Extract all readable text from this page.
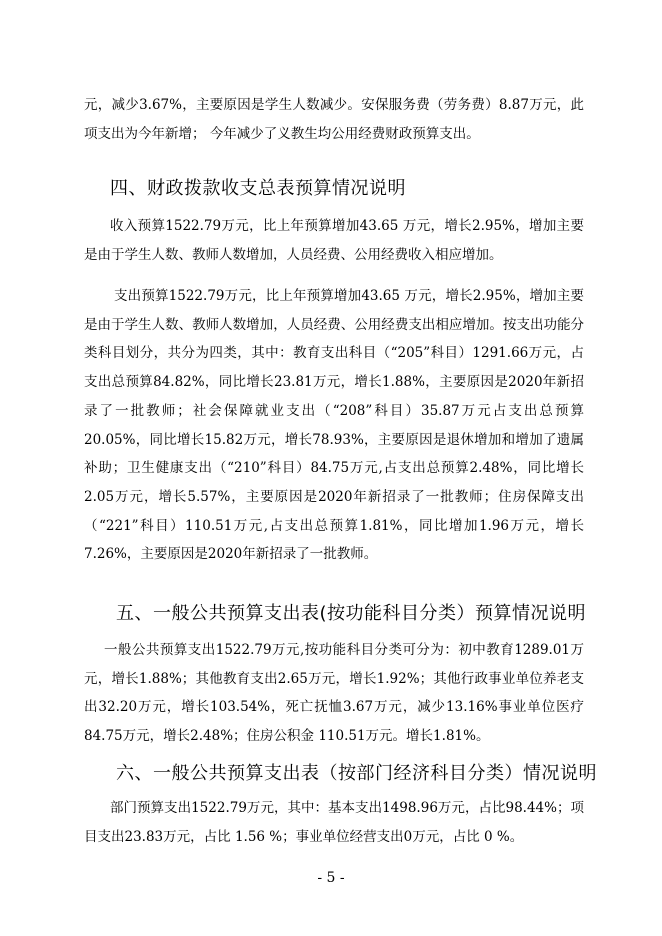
元，减少3.67%，主要原因是学生人数减少。安保服务费（劳务费）8.87万元，此项支出为今年新增； 今年减少了义教生均公用经费财政预算支出。
四、财政拨款收支总表预算情况说明
收入预算1522.79万元，比上年预算增加43.65 万元，增长2.95%，增加主要是由于学生人数、教师人数增加，人员经费、公用经费收入相应增加。
支出预算1522.79万元，比上年预算增加43.65 万元，增长2.95%，增加主要是由于学生人数、教师人数增加，人员经费、公用经费支出相应增加。按支出功能分类科目划分，共分为四类，其中：教育支出科目（“205”科目）1291.66万元，占支出总预算84.82%，同比增长23.81万元，增长1.88%，主要原因是2020年新招录了一批教师；社会保障就业支出（“208”科目）35.87万元占支出总预算20.05%，同比增长15.82万元，增长78.93%，主要原因是退休增加和增加了遗属补助；卫生健康支出（“210”科目）84.75万元,占支出总预算2.48%，同比增长2.05万元，增长5.57%，主要原因是2020年新招录了一批教师；住房保障支出（“221”科目）110.51万元,占支出总预算1.81%，同比增加1.96万元，增长7.26%，主要原因是2020年新招录了一批教师。
五、一般公共预算支出表(按功能科目分类）预算情况说明
一般公共预算支出1522.79万元,按功能科目分类可分为：初中教育1289.01万元，增长1.88%；其他教育支出2.65万元，增长1.92%；其他行政事业单位养老支出32.20万元，增长103.54%，死亡抚恤3.67万元，减少13.16%事业单位医疗84.75万元，增长2.48%；住房公积金 110.51万元。增长1.81%。
六、一般公共预算支出表（按部门经济科目分类）情况说明
部门预算支出1522.79万元，其中：基本支出1498.96万元，占比98.44%；项目支出23.83万元，占比 1.56 %；事业单位经营支出0万元，占比 0 %。
- 5 -
